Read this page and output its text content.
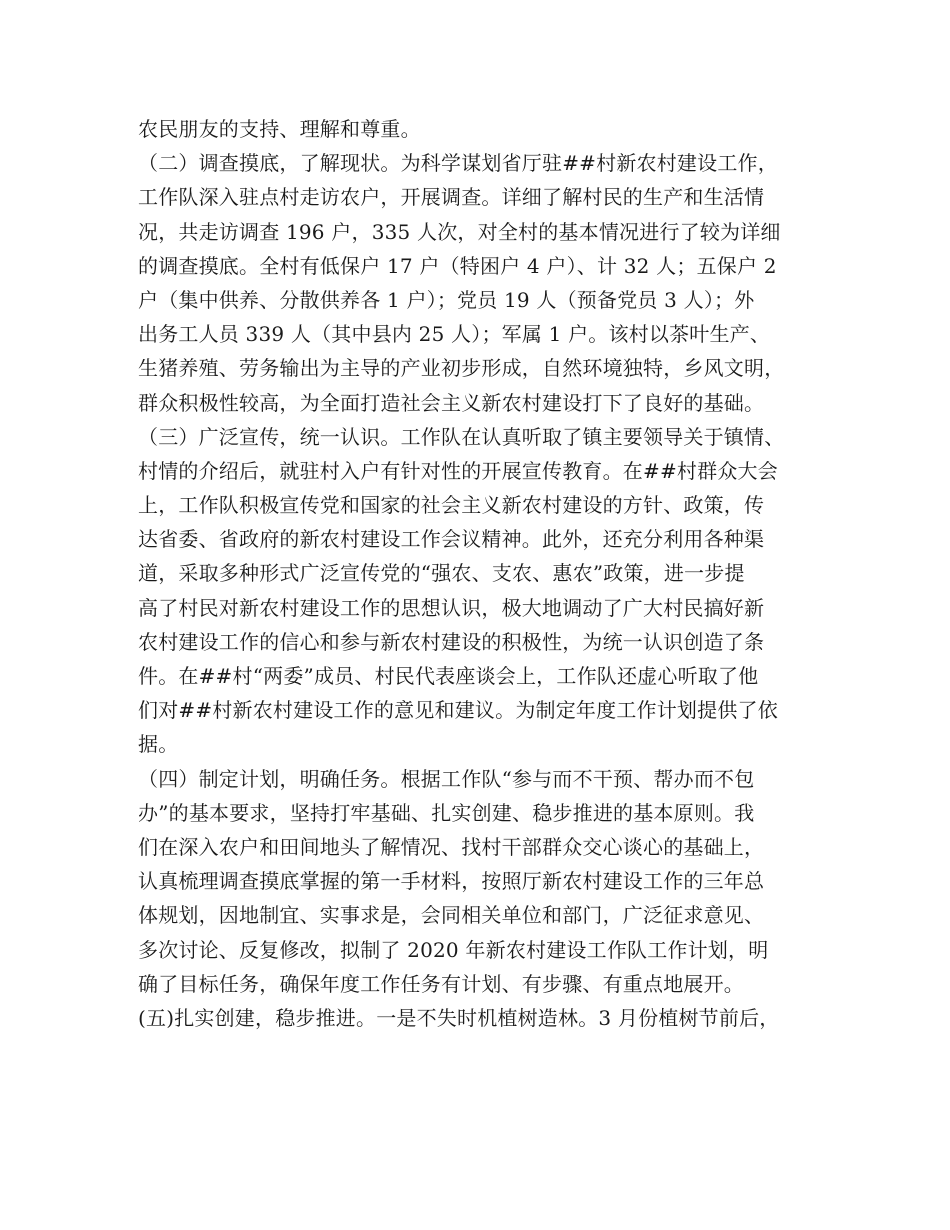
农民朋友的支持、理解和尊重。
（二）调查摸底，了解现状。为科学谋划省厅驻##村新农村建设工作，
工作队深入驻点村走访农户，开展调查。详细了解村民的生产和生活情
况，共走访调查 196 户，335 人次，对全村的基本情况进行了较为详细
的调查摸底。全村有低保户 17 户（特困户 4 户）、计 32 人；五保户 2
户（集中供养、分散供养各 1 户）；党员 19 人（预备党员 3 人）；外
出务工人员 339 人（其中县内 25 人）；军属 1 户。该村以茶叶生产、
生猪养殖、劳务输出为主导的产业初步形成，自然环境独特，乡风文明，
群众积极性较高，为全面打造社会主义新农村建设打下了良好的基础。
（三）广泛宣传，统一认识。工作队在认真听取了镇主要领导关于镇情、
村情的介绍后，就驻村入户有针对性的开展宣传教育。在##村群众大会
上，工作队积极宣传党和国家的社会主义新农村建设的方针、政策，传
达省委、省政府的新农村建设工作会议精神。此外，还充分利用各种渠
道，采取多种形式广泛宣传党的“强农、支农、惠农”政策，进一步提
高了村民对新农村建设工作的思想认识，极大地调动了广大村民搞好新
农村建设工作的信心和参与新农村建设的积极性，为统一认识创造了条
件。在##村“两委”成员、村民代表座谈会上，工作队还虚心听取了他
们对##村新农村建设工作的意见和建议。为制定年度工作计划提供了依
据。
（四）制定计划，明确任务。根据工作队“参与而不干预、帮办而不包
办”的基本要求，坚持打牢基础、扎实创建、稳步推进的基本原则。我
们在深入农户和田间地头了解情况、找村干部群众交心谈心的基础上，
认真梳理调查摸底掌握的第一手材料，按照厅新农村建设工作的三年总
体规划，因地制宜、实事求是，会同相关单位和部门，广泛征求意见、
多次讨论、反复修改，拟制了 2020 年新农村建设工作队工作计划，明
确了目标任务，确保年度工作任务有计划、有步骤、有重点地展开。
(五)扎实创建，稳步推进。一是不失时机植树造林。3 月份植树节前后，
